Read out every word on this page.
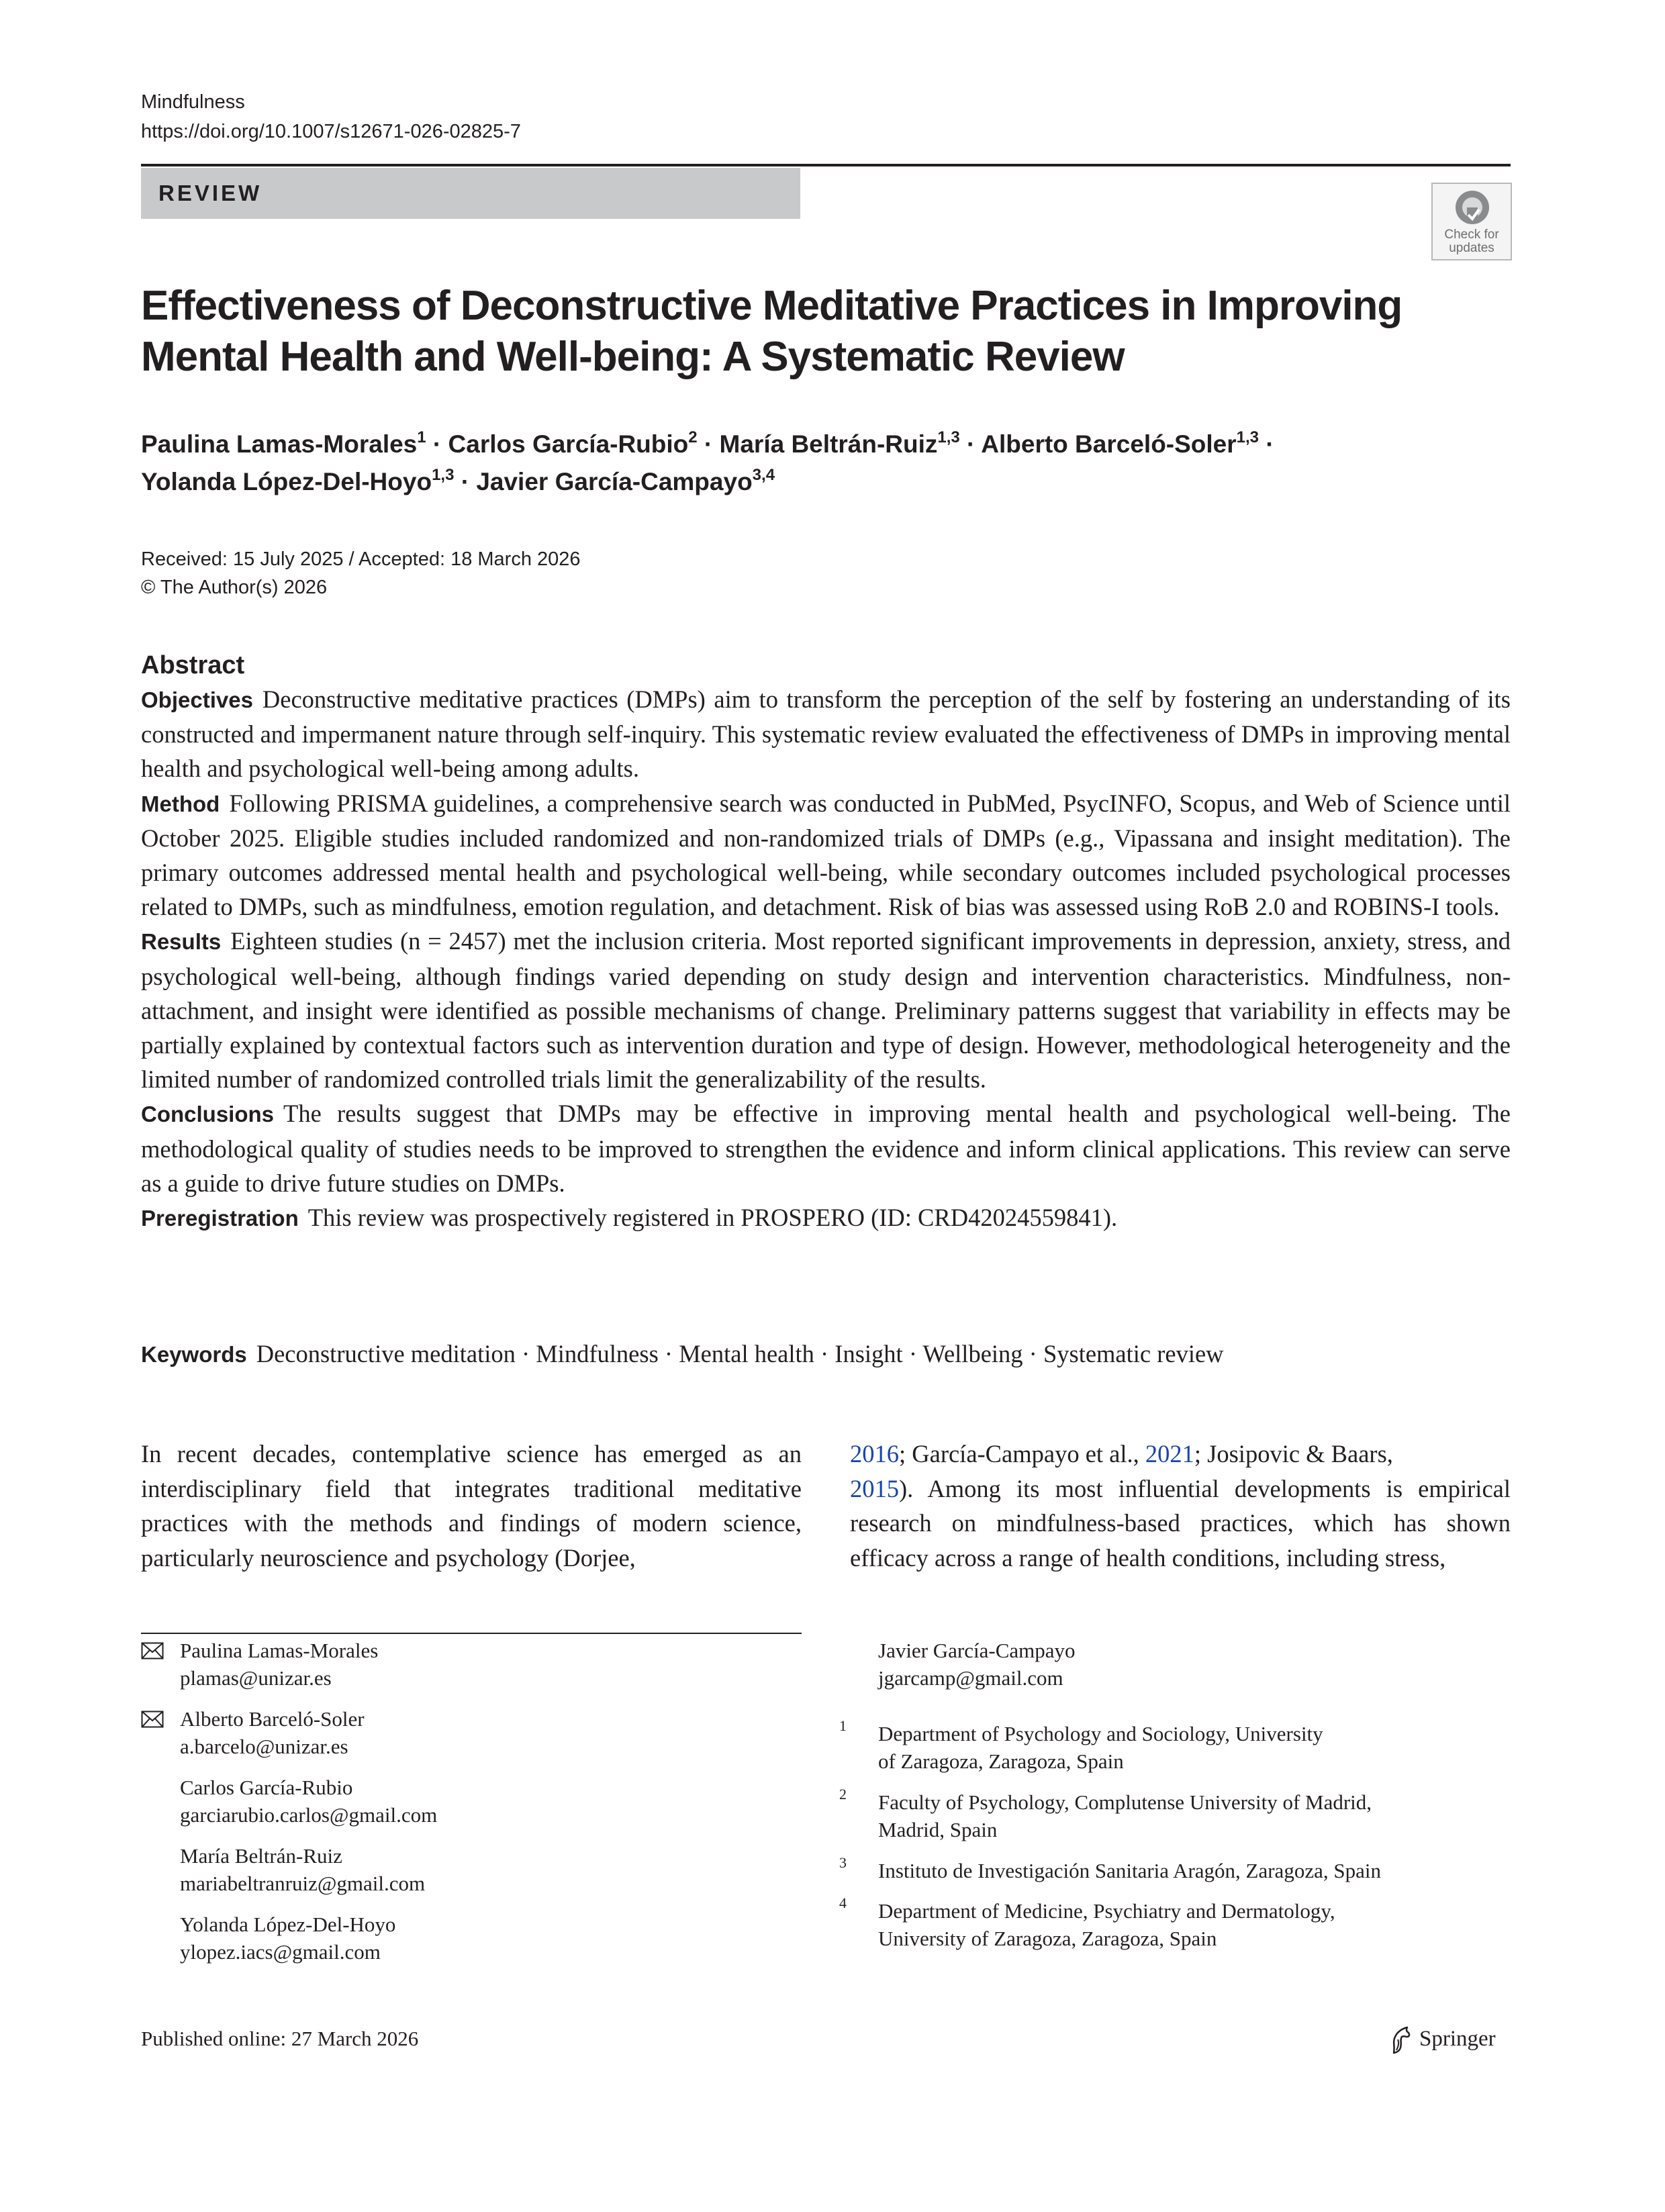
Mindfulness
https://doi.org/10.1007/s12671-026-02825-7
REVIEW
Check for
updates
Effectiveness of Deconstructive Meditative Practices in Improving
Mental Health and Well-being: A Systematic Review
Paulina Lamas-Morales$^1$ · Carlos García-Rubio$^2$ · María Beltrán-Ruiz$^{1,3}$ · Alberto Barceló-Soler$^{1,3}$ ·
Yolanda López-Del-Hoyo$^{1,3}$ · Javier García-Campayo$^{3,4}$
Received: 15 July 2025 / Accepted: 18 March 2026
© The Author(s) 2026
Abstract

Objectives Deconstructive meditative practices (DMPs) aim to transform the perception of the self by fostering an understanding of its constructed and impermanent nature through self-inquiry. This systematic review evaluated the effectiveness of DMPs in improving mental health and psychological well-being among adults.

Method Following PRISMA guidelines, a comprehensive search was conducted in PubMed, PsycINFO, Scopus, and Web of Science until October 2025. Eligible studies included randomized and non-randomized trials of DMPs (e.g., Vipassana and insight meditation). The primary outcomes addressed mental health and psychological well-being, while secondary outcomes included psychological processes related to DMPs, such as mindfulness, emotion regulation, and detachment. Risk of bias was assessed using RoB 2.0 and ROBINS-I tools.

Results Eighteen studies (n = 2457) met the inclusion criteria. Most reported significant improvements in depression, anxiety, stress, and psychological well-being, although findings varied depending on study design and intervention characteristics. Mindfulness, non-attachment, and insight were identified as possible mechanisms of change. Preliminary patterns suggest that variability in effects may be partially explained by contextual factors such as intervention duration and type of design. However, methodological heterogeneity and the limited number of randomized controlled trials limit the generalizability of the results.

Conclusions The results suggest that DMPs may be effective in improving mental health and psychological well-being. The methodological quality of studies needs to be improved to strengthen the evidence and inform clinical applications. This review can serve as a guide to drive future studies on DMPs.

Preregistration This review was prospectively registered in PROSPERO (ID: CRD42024559841).

Keywords Deconstructive meditation · Mindfulness · Mental health · Insight · Wellbeing · Systematic review
In recent decades, contemplative science has emerged as an interdisciplinary field that integrates traditional meditative practices with the methods and findings of modern science, particularly neuroscience and psychology (Dorjee,
2016; García-Campayo et al., 2021; Josipovic & Baars,
2015). Among its most influential developments is empirical research on mindfulness-based practices, which has shown efficacy across a range of health conditions, including stress,
Paulina Lamas-Morales
plamas@unizar.es
Alberto Barceló-Soler
a.barcelo@unizar.es
Carlos García-Rubio
garciarubio.carlos@gmail.com
María Beltrán-Ruiz
mariabeltranruiz@gmail.com
Yolanda López-Del-Hoyo
ylopez.iacs@gmail.com
Javier García-Campayo
jgarcamp@gmail.com
1 Department of Psychology and Sociology, University
of Zaragoza, Zaragoza, Spain
2 Faculty of Psychology, Complutense University of Madrid,
Madrid, Spain
3 Instituto de Investigación Sanitaria Aragón, Zaragoza, Spain
4 Department of Medicine, Psychiatry and Dermatology,
University of Zaragoza, Zaragoza, Spain
Published online: 27 March 2026	Springer
